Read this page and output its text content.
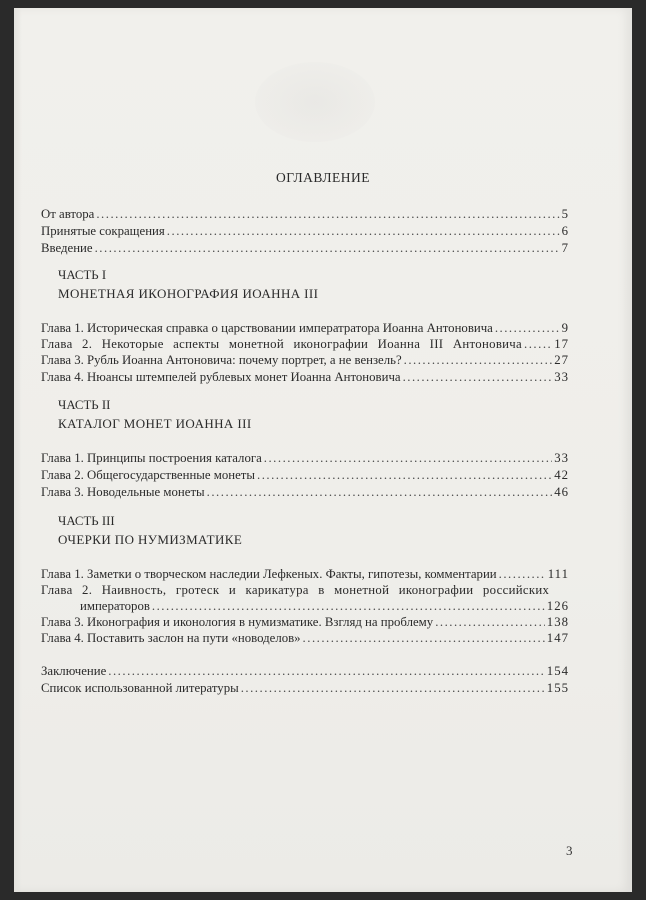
ОГЛАВЛЕНИЕ
От автора .....	5
Принятые сокращения .....	6
Введение .....	7
ЧАСТЬ I
МОНЕТНАЯ ИКОНОГРАФИЯ ИОАННА III
Глава 1. Историческая справка о царствовании императратора Иоанна Антоновича .....	9
Глава 2. Некоторые аспекты монетной иконографии Иоанна III Антоновича .....	17
Глава 3. Рубль Иоанна Антоновича: почему портрет, а не вензель? .....	27
Глава 4. Нюансы штемпелей рублевых монет Иоанна Антоновича .....	33
ЧАСТЬ II
КАТАЛОГ МОНЕТ ИОАННА III
Глава 1. Принципы построения каталога .....	33
Глава 2. Общегосударственные монеты .....	42
Глава 3. Новодельные монеты .....	46
ЧАСТЬ III
ОЧЕРКИ ПО НУМИЗМАТИКЕ
Глава 1. Заметки о творческом наследии Лефкеных. Факты, гипотезы, комментарии .....	111
Глава 2. Наивность, гротеск и карикатура в монетной иконографии российских
императоров .....	126
Глава 3. Иконография и иконология в нумизматике. Взгляд на проблему .....	138
Глава 4. Поставить заслон на пути «новоделов» .....	147
Заключение .....	154
Список использованной литературы .....	155
3
